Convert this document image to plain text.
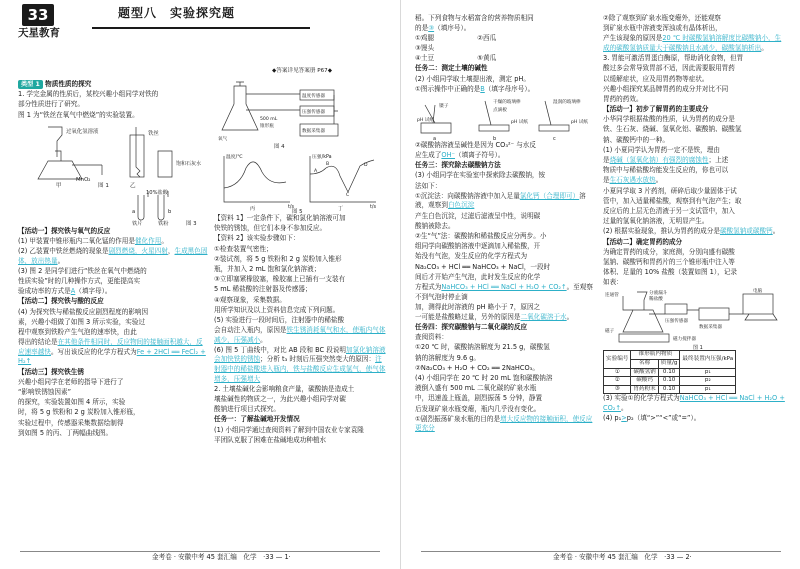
33
天星教育
题型八　实验探究题
◆答案详见答案册 P67◆

类型 1 物质性质的探究

1. 学完金属的性质后，某校兴趣小组同学对铁的

部分性质进行了研究。

图 1 为“铁丝在氧气中燃烧”的实验装置。

过氧化氢溶液	铁丝
MnO₂
饱和石灰水
甲	乙
图 1
10%盐酸
a	b
铁片	铁粉	图 3

【活动一】探究铁与氧气的反应

(1) 甲装置中锥形瓶内二氧化锰的作用是催化作用。

(2) 乙装置中铁丝燃烧的现象是剧烈燃烧，火星四射，生成黑色固体，放出热量。

(3) 图 2 是同学们进行“铁丝在氧气中燃烧的

性质实验”时的几种操作方式，更能提高实

验成功率的方式是A（填字母）。

【活动二】探究铁与酸的反应

(4) 为探究铁与稀盐酸反应剧烈程度的影响因

素，兴趣小组做了如图 3 所示实验，实验过

程中观察到铁粉产生气泡的速率快，由此

得出的结论是在其他条件相同时，反应物间的接触面积越大，反应速率越快。写出该反应的化学方程式为Fe + 2HCl ══ FeCl₂ + H₂↑

【活动三】探究铁生锈

兴趣小组同学在老师的指导下进行了

“影响铁锈蚀因素”

的探究，实验装置如图 4 所示，实验

时，将 5 g 铁粉和 2 g 炭粉加入锥形瓶，

实验过程中，传感器采集数据绘制得

到如图 5 的丙、丁两幅曲线图。

温度传感器
压强传感器
数据采集器
氧气
500 mL
锥形瓶
图 4
温度/℃	压强/kPa
t/s	t/s
丙	丁
A
B
C
D
图 5

【资料 1】一定条件下，碳和氯化钠溶液可加

快铁的锈蚀，但它们本身不参加反应。

【资料 2】该实验步骤如下：

①检查装置气密性；

②装试剂，将 5 g 铁粉和 2 g 炭粉加入锥形

瓶，并加入 2 mL 饱和氯化钠溶液；

③立即塞紧橡胶塞，橡胶塞上已插有一支装有

5 mL 稀盐酸的注射器及传感器；

④观察现象，采集数据。

用所学知识及以上资料信息完成下列问题。

(5) 实验进行一段时间后，注射器中的稀盐酸

会自动注入瓶内，原因是铁生锈消耗氧气和水，使瓶内气体减少，压强减小。

(6) 图 5 丁曲线中，对比 AB 段和 BC 段说明加氯化钠溶液会加快铁的锈蚀；分析 t₃ 时刻后压强突然变大的原因：注射器中的稀盐酸进入瓶内，铁与盐酸反应生成氢气，使气体增多，压强增大

2. 土壤盐碱化会影响粮食产量，碳酸钠是造成土

壤盐碱性的物质之一，为此兴趣小组同学对碳

酸钠进行项目式探究。

任务一：了解盐碱地开发情况

(1) 小组同学通过查阅资料了解到中国农业专家袁隆

平团队克服了困难在盐碱地成功种植水

金考卷 · 安徽中考 45 套汇编　化学　·33 — 1·

稻。下列食物与水稻富含的营养物质相同

的是③（填序号）。

①鸡腿	②西瓜 ③馒头

④土豆	⑤黄瓜

任务二：测定土壤的碱性

(2) 小组同学取土壤提出液，测定 pH。

①图示操作中正确的是B（填字母序号）。

镊子
pH 试纸
干燥的玻璃棒
pH 试纸
点滴板
湿润的玻璃棒
pH 试纸
a	b	c

②碳酸钠溶液呈碱性是因为 CO₃²⁻ 与水反

应生成了OH⁻（填离子符号）。

任务三：探究除去碳酸钠方法

(3) 小组同学在实验室中探索除去碳酸钠，铵

法如下：

①沉淀法：向碳酸钠溶液中加入足量氯化钙（合理即可）溶液，观察到白色沉淀

产生白色沉淀，过滤后滤液呈中性，说明碳

酸钠被除去。

②生“气”法：碳酸钠和稀盐酸反应分两步。小

组同学向碳酸钠溶液中逐滴加入稀盐酸，开

始没有气泡，发生反应的化学方程式为

Na₂CO₃ + HCl ══ NaHCO₃ + NaCl，一段时

间后才开始产生气泡，此时发生反应的化学

方程式为NaHCO₃ + HCl ══ NaCl + H₂O + CO₂↑。至观察不到气泡时停止滴

加，测得此时溶液的 pH 略小于 7，原因之

一可能是盐酸略过量，另外的原因是二氧化碳溶于水。

任务四：探究碳酸钠与二氧化碳的反应

查阅资料：

①20 ℃ 时，碳酸钠溶解度为 21.5 g，碳酸氢

钠的溶解度为 9.6 g。

②Na₂CO₃ + H₂O + CO₂ ══ 2NaHCO₃。

(4) 小组同学在 20 ℃ 时 20 mL 饱和碳酸钠溶

液倒入盛有 500 mL 二氧化碳的矿泉水瓶

中，迅速盖上瓶盖，剧烈振荡 5 分钟，静置

后发现矿泉水瓶变瘪，瓶内几乎没有变化。

①剧烈振荡矿泉水瓶的目的是增大反应物的接触面积，使反应更充分

②除了观察到矿泉水瓶变瘪外，还能观察

到矿泉水瓶中溶液变浑浊或有晶体析出，

产生该现象的原因是20 ℃ 时碳酸氢钠溶解度比碳酸钠小，生成的碳酸氢钠质量大于碳酸钠且水减少，碳酸氢钠析出。

3. 胃能可激活胃蛋白酶原，帮助消化食物，但胃

酸过多会常导致胃部不适，因此需要服用胃药

以缓解症状，应及用胃药物等症状。

兴趣小组探究某品牌胃药的成分并对比不同

胃药的药效。

【活动一】初步了解胃药的主要成分

小华同学根据盐酸的性质，认为胃药的成分是

铁、生石灰、烧碱、氢氧化铝、碳酸钠、碳酸氢

钠、碳酸钙中的一种。

(1) 小夏同学认为胃药一定不是铁，理由

是烧碱（氢氧化钠）有强烈的腐蚀性；上述

物质中与稀盐酸均能发生反应的，你也可以

是生石灰遇水放热。

小夏同学取 3 片药剂，研碎后取少量固体于试

管中，加入适量稀盐酸，观察到有气泡产生；取

反应后的上层无色清液于另一支试管中，加入

过量的氢氧化钠溶液，无明显产生。

(2) 根据实验现象，推认为胃药的成分是碳酸氢钠或碳酸钙。

【活动二】确定胃药的成分

为确定胃药的成分，家庭测，分别向盛有碳酸

氢钠、碳酸钙和胃药片的三个锥形瓶中注入等

体积、足量的 10% 盐酸（装置如图 1），记录

如表：

分液漏斗
稀盐酸
连通管
压强传感器
数据采集器
电脑
磁子
磁力搅拌器
图 1
实验编号	锥形瓶内物质		最终装置内压强/kPa
	名称	质量/g	
①	碳酸氢钠	0.10	p₁
②	碳酸钙	0.10	p₂
③	胃药粉末	0.10	p₁

(3) 实验①的化学方程式为NaHCO₃ + HCl ══ NaCl + H₂O + CO₂↑。

(4) p₁>p₂（填“>”“<”或“=”）。

金考卷 · 安徽中考 45 套汇编　化学　·33 — 2·
